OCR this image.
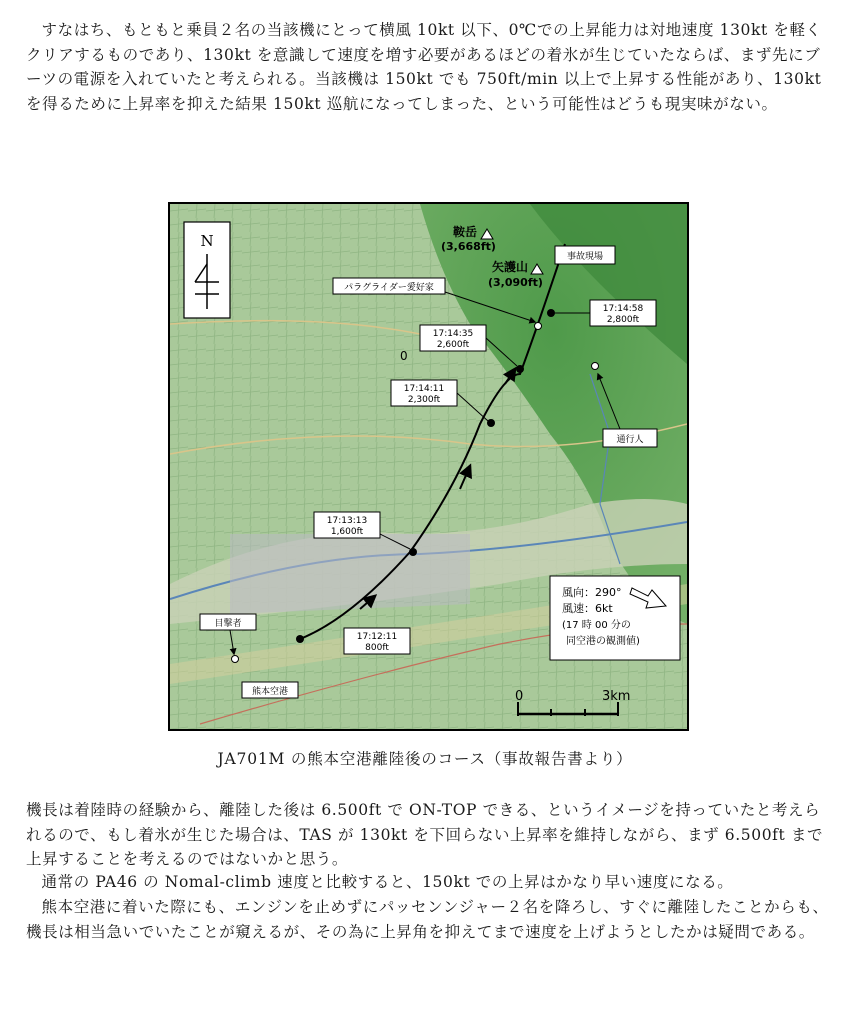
すなはち、もともと乗員２名の当該機にとって横風 10kt 以下、0℃での上昇能力は対地速度 130kt を軽くクリアするものであり、130kt を意識して速度を増す必要があるほどの着氷が生じていたならば、まず先にブーツの電源を入れていたと考えられる。当該機は 150kt でも 750ft/min 以上で上昇する性能があり、130kt を得るために上昇率を抑えた結果 150kt 巡航になってしまった、という可能性はどうも現実味がない。

N	鞍岳
(3,668ft)
矢護山
(3,090ft)
事故現場
パラグライダー愛好家
通行人
目撃者
熊本空港
17:12:11
800ft
17:13:13
1,600ft
17:14:11
2,300ft
17:14:35
2,600ft
17:14:58
2,800ft
0
風向：290°
風速：6kt
(17 時 00 分の
同空港の観測値)
0	3km
JA701M の熊本空港離陸後のコース（事故報告書より）

機長は着陸時の経験から、離陸した後は 6.500ft で ON-TOP できる、というイメージを持っていたと考えられるので、もし着氷が生じた場合は、TAS が 130kt を下回らない上昇率を維持しながら、まず 6.500ft まで上昇することを考えるのではないかと思う。

通常の PA46 の Nomal-climb 速度と比較すると、150kt での上昇はかなり早い速度になる。

熊本空港に着いた際にも、エンジンを止めずにパッセンンジャー２名を降ろし、すぐに離陸したことからも、機長は相当急いでいたことが窺えるが、その為に上昇角を抑えてまで速度を上げようとしたかは疑問である。
